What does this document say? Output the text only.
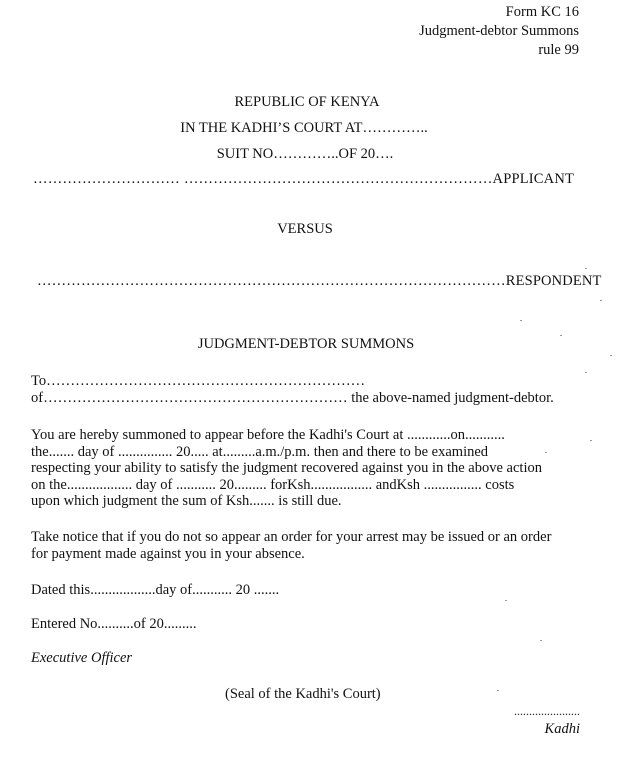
Form KC 16
Judgment-debtor Summons
rule 99
REPUBLIC OF KENYA
IN THE KADHI’S COURT AT…………..
SUIT NO…………..OF 20….
………………………… ………………………………………………………APPLICANT
VERSUS
……………………………………………………………………………………RESPONDENT
JUDGMENT-DEBTOR SUMMONS
To…………………………………………………………
of……………………………………………………… the above-named judgment-debtor.
You are hereby summoned to appear before the Kadhi's Court at ............on...........
the....... day of ............... 20..... at.........a.m./p.m. then and there to be examined
respecting your ability to satisfy the judgment recovered against you in the above action
on the.................. day of ........... 20......... forKsh................. andKsh ................ costs
upon which judgment the sum of Ksh....... is still due.
Take notice that if you do not so appear an order for your arrest may be issued or an order
for payment made against you in your absence.
Dated this..................day of........... 20 .......
Entered No..........of 20.........
Executive Officer
(Seal of the Kadhi's Court)
......................
Kadhi
